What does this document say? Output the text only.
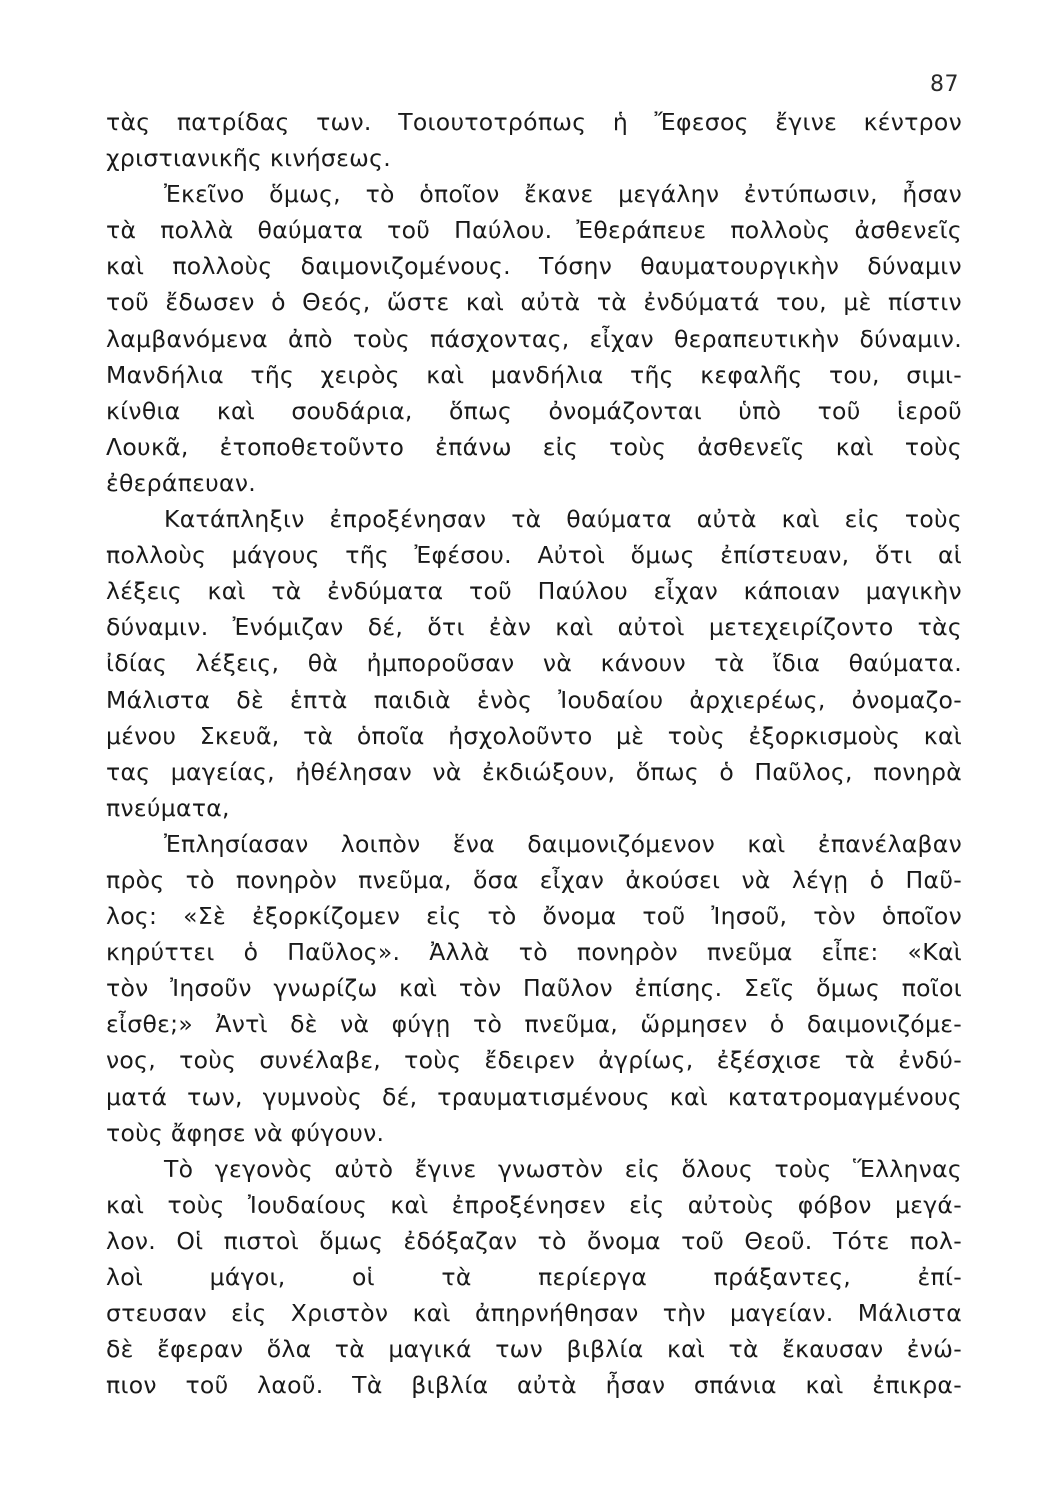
87
τὰς πατρίδας των. Τοιουτοτρόπως ἡ Ἔφεσος ἔγινε κέντρον
χριστιανικῆς κινήσεως.
Ἐκεῖνο ὅμως, τὸ ὁποῖον ἔκανε μεγάλην ἐντύπωσιν, ἦσαν
τὰ πολλὰ θαύματα τοῦ Παύλου. Ἐθεράπευε πολλοὺς ἀσθενεῖς
καὶ πολλοὺς δαιμονιζομένους. Τόσην θαυματουργικὴν δύναμιν
τοῦ ἔδωσεν ὁ Θεός, ὥστε καὶ αὐτὰ τὰ ἐνδύματά του, μὲ πίστιν
λαμβανόμενα ἀπὸ τοὺς πάσχοντας, εἶχαν θεραπευτικὴν δύναμιν.
Μανδήλια τῆς χειρὸς καὶ μανδήλια τῆς κεφαλῆς του, σιμι-
κίνθια καὶ σουδάρια, ὅπως ὀνομάζονται ὑπὸ τοῦ ἱεροῦ
Λουκᾶ, ἐτοποθετοῦντο ἐπάνω εἰς τοὺς ἀσθενεῖς καὶ τοὺς
ἐθεράπευαν.
Κατάπληξιν ἐπροξένησαν τὰ θαύματα αὐτὰ καὶ εἰς τοὺς
πολλοὺς μάγους τῆς Ἐφέσου. Αὐτοὶ ὅμως ἐπίστευαν, ὅτι αἱ
λέξεις καὶ τὰ ἐνδύματα τοῦ Παύλου εἶχαν κάποιαν μαγικὴν
δύναμιν. Ἐνόμιζαν δέ, ὅτι ἐὰν καὶ αὐτοὶ μετεχειρίζοντο τὰς
ἰδίας λέξεις, θὰ ἠμποροῦσαν νὰ κάνουν τὰ ἴδια θαύματα.
Μάλιστα δὲ ἑπτὰ παιδιὰ ἑνὸς Ἰουδαίου ἀρχιερέως, ὀνομαζο-
μένου Σκευᾶ, τὰ ὁποῖα ἠσχολοῦντο μὲ τοὺς ἐξορκισμοὺς καὶ
τας μαγείας, ἠθέλησαν νὰ ἐκδιώξουν, ὅπως ὁ Παῦλος, πονηρὰ
πνεύματα,
Ἐπλησίασαν λοιπὸν ἕνα δαιμονιζόμενον καὶ ἐπανέλαβαν
πρὸς τὸ πονηρὸν πνεῦμα, ὅσα εἶχαν ἀκούσει νὰ λέγῃ ὁ Παῦ-
λος: «Σὲ ἐξορκίζομεν εἰς τὸ ὄνομα τοῦ Ἰησοῦ, τὸν ὁποῖον
κηρύττει ὁ Παῦλος». Ἀλλὰ τὸ πονηρὸν πνεῦμα εἶπε: «Καὶ
τὸν Ἰησοῦν γνωρίζω καὶ τὸν Παῦλον ἐπίσης. Σεῖς ὅμως ποῖοι
εἶσθε;» Ἀντὶ δὲ νὰ φύγῃ τὸ πνεῦμα, ὥρμησεν ὁ δαιμονιζόμε-
νος, τοὺς συνέλαβε, τοὺς ἔδειρεν ἀγρίως, ἐξέσχισε τὰ ἐνδύ-
ματά των, γυμνοὺς δέ, τραυματισμένους καὶ κατατρομαγμένους
τοὺς ἄφησε νὰ φύγουν.
Τὸ γεγονὸς αὐτὸ ἔγινε γνωστὸν εἰς ὅλους τοὺς Ἕλληνας
καὶ τοὺς Ἰουδαίους καὶ ἐπροξένησεν εἰς αὐτοὺς φόβον μεγά-
λον. Οἱ πιστοὶ ὅμως ἐδόξαζαν τὸ ὄνομα τοῦ Θεοῦ. Τότε πολ-
λοὶ μάγοι, οἱ τὰ περίεργα πράξαντες, ἐπί-
στευσαν εἰς Χριστὸν καὶ ἀπηρνήθησαν τὴν μαγείαν. Μάλιστα
δὲ ἔφεραν ὅλα τὰ μαγικά των βιβλία καὶ τὰ ἔκαυσαν ἐνώ-
πιον τοῦ λαοῦ. Τὰ βιβλία αὐτὰ ἦσαν σπάνια καὶ ἐπικρα-
